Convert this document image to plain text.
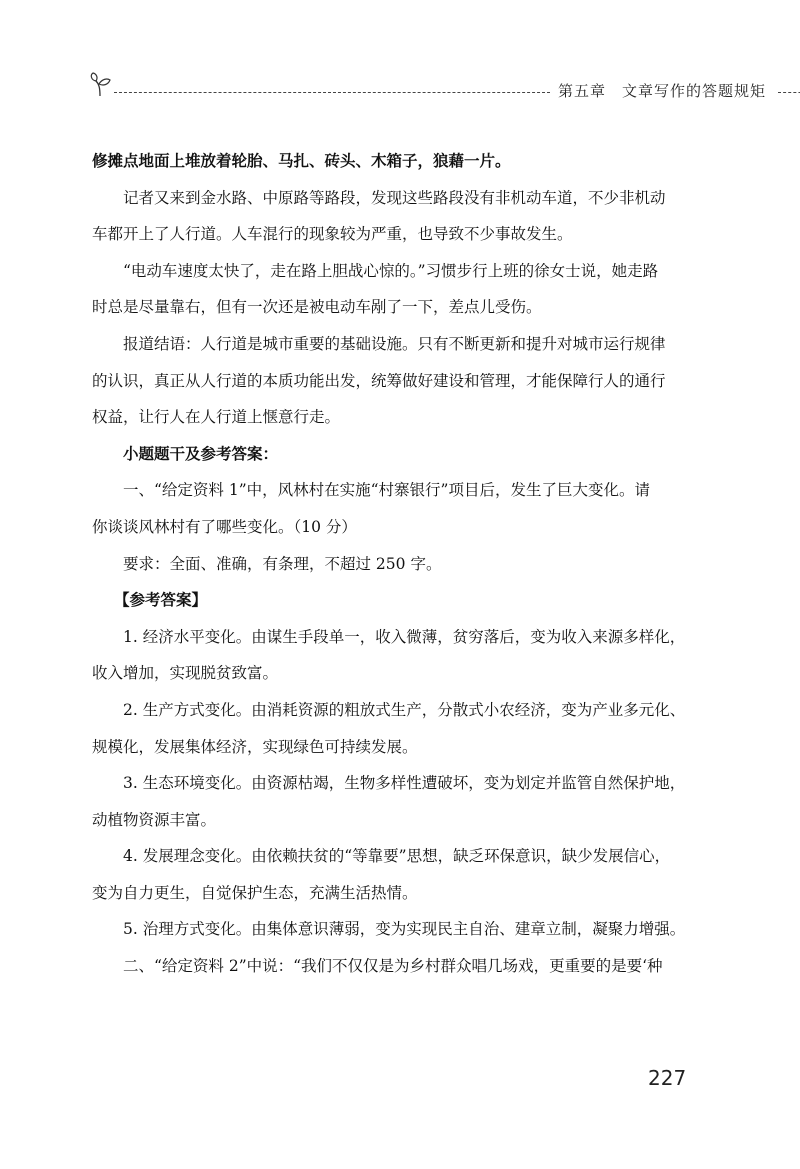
第五章　文章写作的答题规矩
修摊点地面上堆放着轮胎、马扎、砖头、木箱子，狼藉一片。
记者又来到金水路、中原路等路段，发现这些路段没有非机动车道，不少非机动
车都开上了人行道。人车混行的现象较为严重，也导致不少事故发生。
“电动车速度太快了，走在路上胆战心惊的。”习惯步行上班的徐女士说，她走路
时总是尽量靠右，但有一次还是被电动车剐了一下，差点儿受伤。
报道结语：人行道是城市重要的基础设施。只有不断更新和提升对城市运行规律
的认识，真正从人行道的本质功能出发，统筹做好建设和管理，才能保障行人的通行
权益，让行人在人行道上惬意行走。
小题题干及参考答案：
一、“给定资料 1”中，风林村在实施“村寨银行”项目后，发生了巨大变化。请
你谈谈风林村有了哪些变化。（10 分）
要求：全面、准确，有条理，不超过 250 字。
【参考答案】
1. 经济水平变化。由谋生手段单一，收入微薄，贫穷落后，变为收入来源多样化，
收入增加，实现脱贫致富。
2. 生产方式变化。由消耗资源的粗放式生产，分散式小农经济，变为产业多元化、
规模化，发展集体经济，实现绿色可持续发展。
3. 生态环境变化。由资源枯竭，生物多样性遭破坏，变为划定并监管自然保护地，
动植物资源丰富。
4. 发展理念变化。由依赖扶贫的“等靠要”思想，缺乏环保意识，缺少发展信心，
变为自力更生，自觉保护生态，充满生活热情。
5. 治理方式变化。由集体意识薄弱，变为实现民主自治、建章立制，凝聚力增强。
二、“给定资料 2”中说：“我们不仅仅是为乡村群众唱几场戏，更重要的是要‘种
227
